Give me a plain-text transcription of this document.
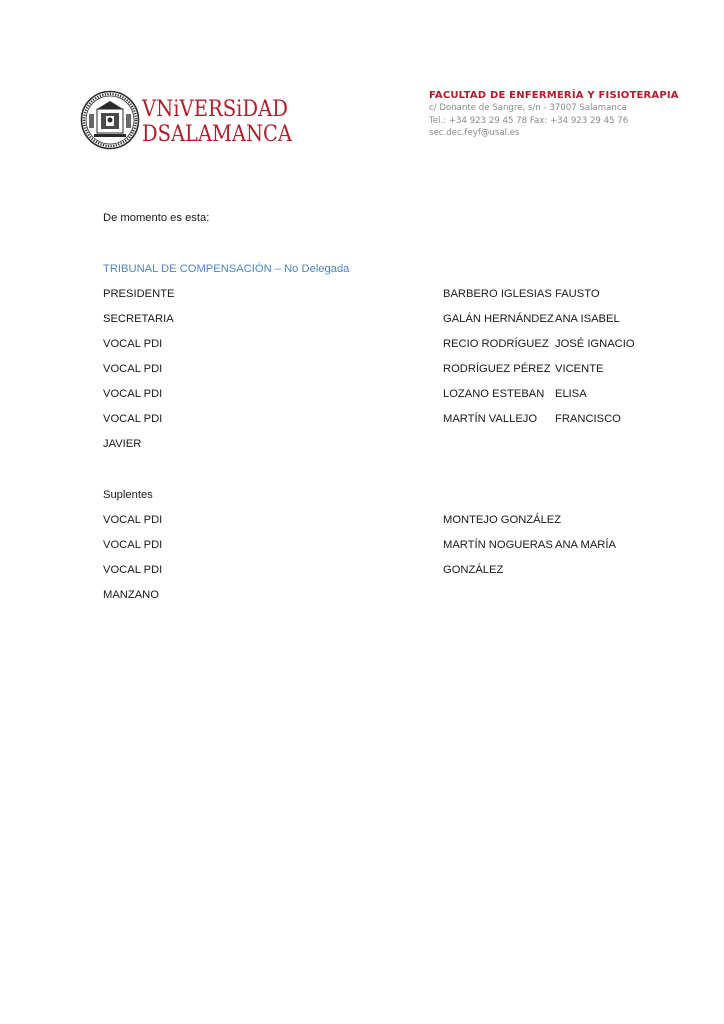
VNiVERSiDAD
DSALAMANCA
FACULTAD DE ENFERMERÍA Y FISIOTERAPIA
c/ Donante de Sangre, s/n - 37007 Salamanca
Tel.: +34 923 29 45 78 Fax: +34 923 29 45 76
sec.dec.feyf@usal.es
De momento es esta:
TRIBUNAL DE COMPENSACIÓN – No Delegada
PRESIDENTE	BARBERO IGLESIAS FAUSTO
SECRETARIA	GALÁN HERNÁNDEZ ANA ISABEL
VOCAL PDI	RECIO RODRÍGUEZ JOSÉ IGNACIO
VOCAL PDI	RODRÍGUEZ PÉREZ VICENTE
VOCAL PDI	LOZANO ESTEBAN ELISA
VOCAL PDI	MARTÍN VALLEJO FRANCISCO
JAVIER
Suplentes
VOCAL PDI	MONTEJO GONZÁLEZ
VOCAL PDI	MARTÍN NOGUERAS ANA MARÍA
VOCAL PDI	GONZÁLEZ
MANZANO
